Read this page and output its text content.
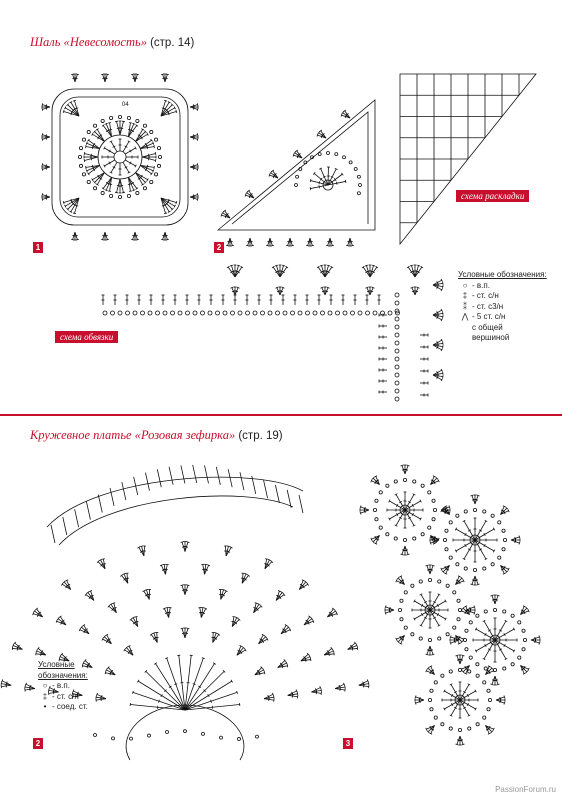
Шаль «Невесомость» (стр. 14)
04
1	2
схема раскладки
схема обвязки
Условные обозначения:
○ - в.п.
‡ - ст. с/н
⁑ - ст. с3/н
⋀ - 5 ст. с/н
с общей
вершиной
Кружевное платье «Розовая зефирка» (стр. 19)
2
Условные
обозначения:
○ - в.п.
‡ - ст. с/н
• - соед. ст.
3
PassionForum.ru
